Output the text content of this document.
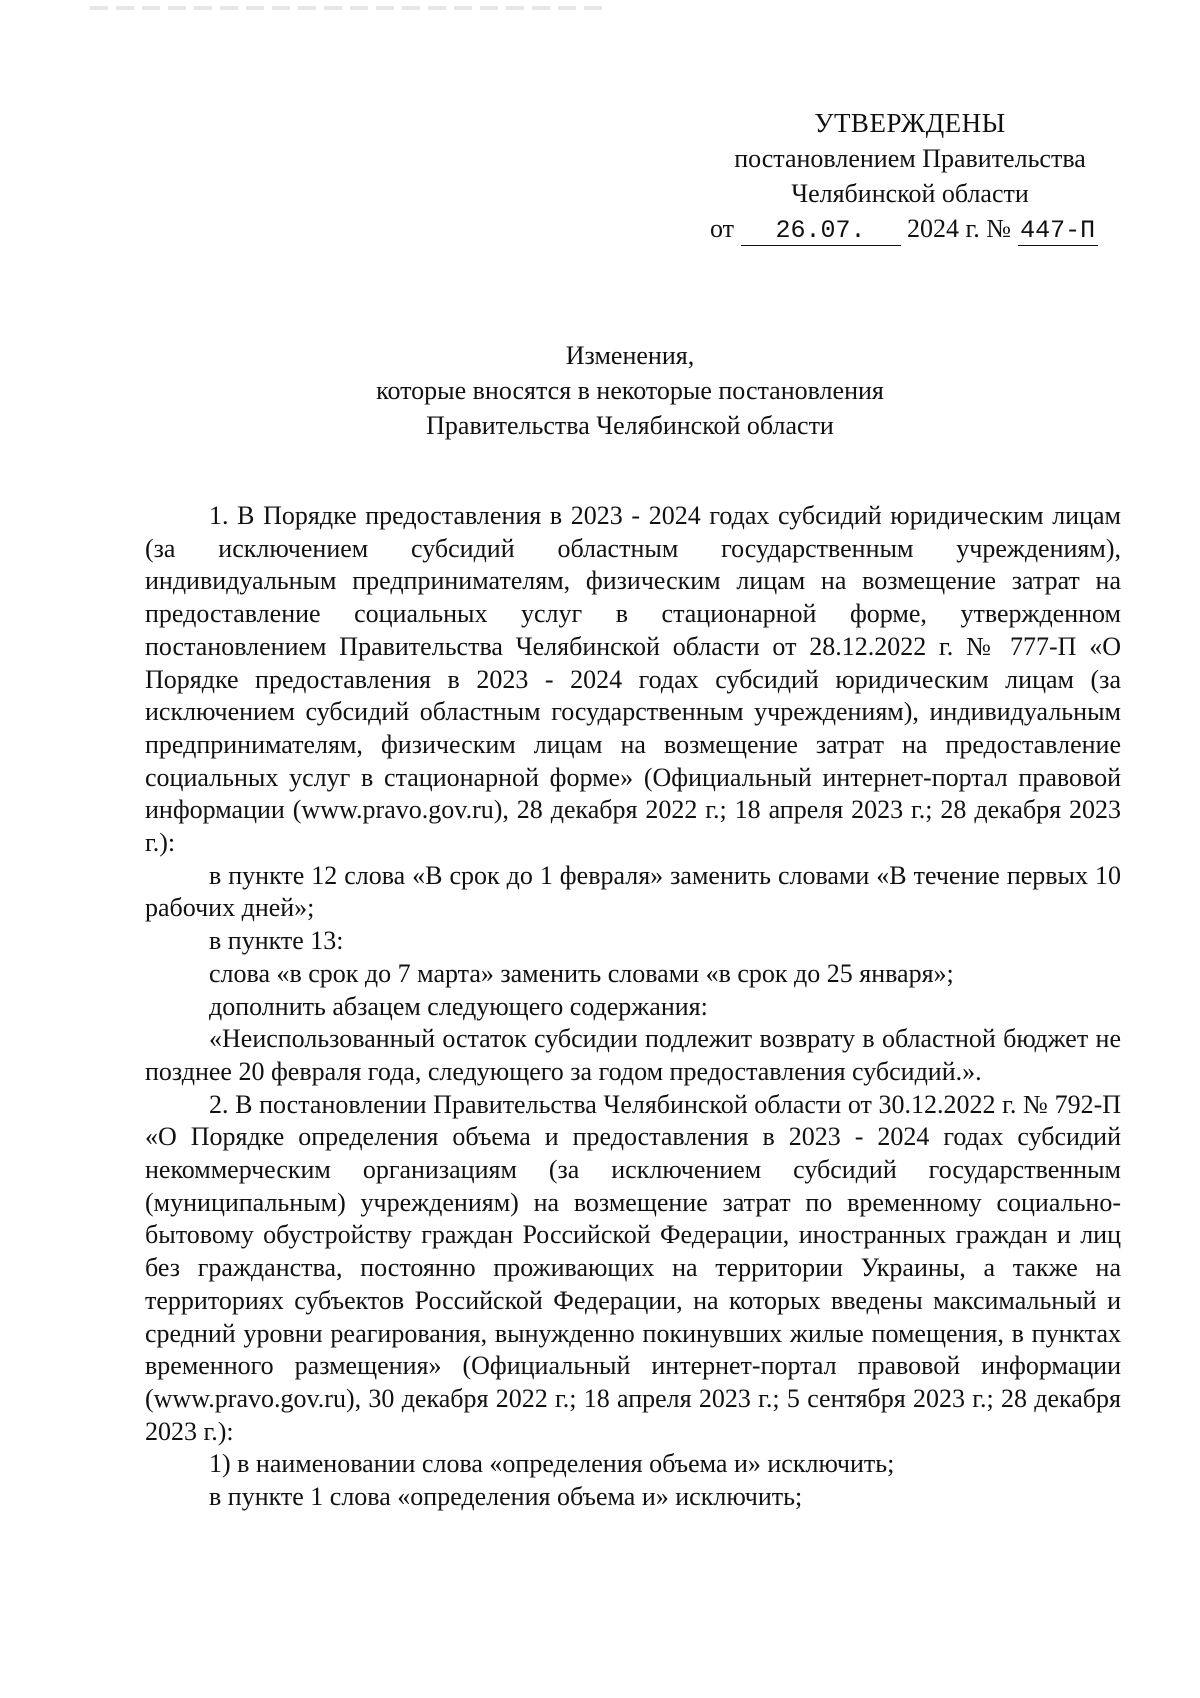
УТВЕРЖДЕНЫ
постановлением Правительства
Челябинской области
от 26.07. 2024 г. № 447-П
Изменения,
которые вносятся в некоторые постановления
Правительства Челябинской области

1. В Порядке предоставления в 2023 - 2024 годах субсидий юридическим лицам (за исключением субсидий областным государственным учреждениям), индивидуальным предпринимателям, физическим лицам на возмещение затрат на предоставление социальных услуг в стационарной форме, утвержденном постановлением Правительства Челябинской области от 28.12.2022 г. № 777-П «О Порядке предоставления в 2023 - 2024 годах субсидий юридическим лицам (за исключением субсидий областным государственным учреждениям), индивидуальным предпринимателям, физическим лицам на возмещение затрат на предоставление социальных услуг в стационарной форме» (Официальный интернет-портал правовой информации (www.pravo.gov.ru), 28 декабря 2022 г.; 18 апреля 2023 г.; 28 декабря 2023 г.):

в пункте 12 слова «В срок до 1 февраля» заменить словами «В течение первых 10 рабочих дней»;

в пункте 13:

слова «в срок до 7 марта» заменить словами «в срок до 25 января»;

дополнить абзацем следующего содержания:

«Неиспользованный остаток субсидии подлежит возврату в областной бюджет не позднее 20 февраля года, следующего за годом предоставления субсидий.».

2. В постановлении Правительства Челябинской области от 30.12.2022 г. № 792-П «О Порядке определения объема и предоставления в 2023 - 2024 годах субсидий некоммерческим организациям (за исключением субсидий государственным (муниципальным) учреждениям) на возмещение затрат по временному социально-бытовому обустройству граждан Российской Федерации, иностранных граждан и лиц без гражданства, постоянно проживающих на территории Украины, а также на территориях субъектов Российской Федерации, на которых введены максимальный и средний уровни реагирования, вынужденно покинувших жилые помещения, в пунктах временного размещения» (Официальный интернет-портал правовой информации (www.pravo.gov.ru), 30 декабря 2022 г.; 18 апреля 2023 г.; 5 сентября 2023 г.; 28 декабря 2023 г.):

1) в наименовании слова «определения объема и» исключить;

в пункте 1 слова «определения объема и» исключить;
